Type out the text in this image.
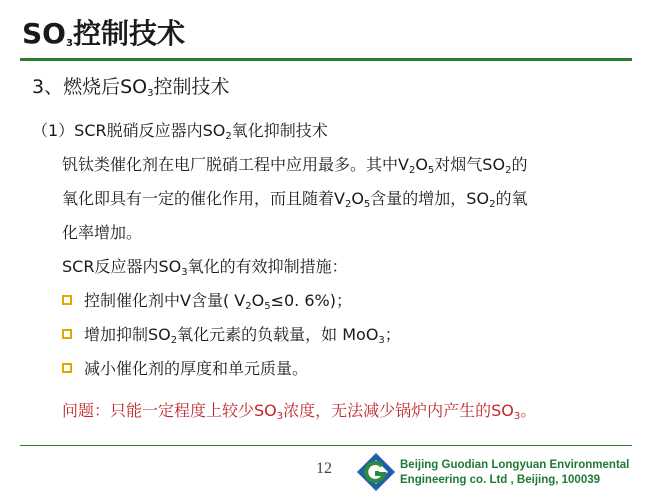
$SO_3$控制技术
3、燃烧后$SO_3$控制技术
（1）SCR脱硝反应器内$SO_2$氧化抑制技术
钒钛类催化剂在电厂脱硝工程中应用最多。其中$V_2O_5$对烟气$SO_2$的
氧化即具有一定的催化作用，而且随着$V_2O_5$含量的增加，$SO_2$的氧
化率增加。
SCR反应器内$SO_3$氧化的有效抑制措施：
控制催化剂中V含量( $V_2O_5\le 0$. 6%)；
增加抑制$SO_2$氧化元素的负载量，如 MoO$_3$；
减小催化剂的厚度和单元质量。
问题：只能一定程度上较少$SO_3$浓度，无法减少锅炉内产生的$SO_3$。
12	Beijing Guodian Longyuan Environmental
Engineering co. Ltd , Beijing, 100039
